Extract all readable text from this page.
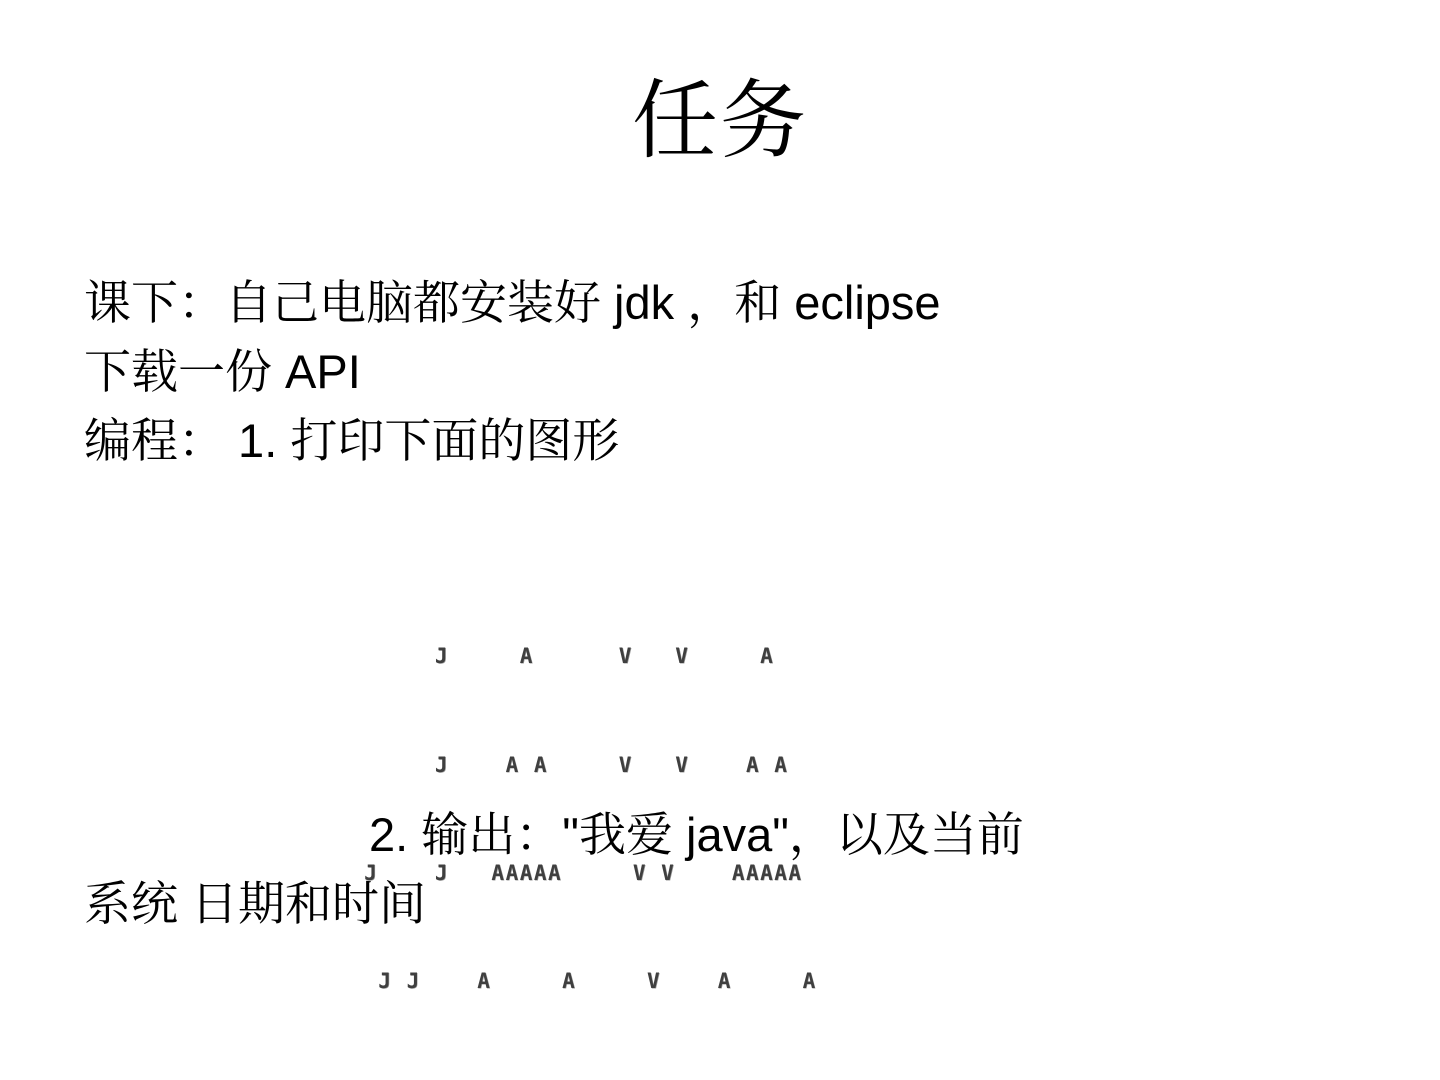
任务
课下：自己电脑都安装好 jdk ，和 eclipse
下载一份 API
编程： 1. 打印下面的图形

J     A      V   V     A

J    A A     V   V    A A

J    J   AAAAA     V V    AAAAA

J J    A     A     V    A     A

2. 输出："我爱 java"，以及当前
系统 日期和时间
